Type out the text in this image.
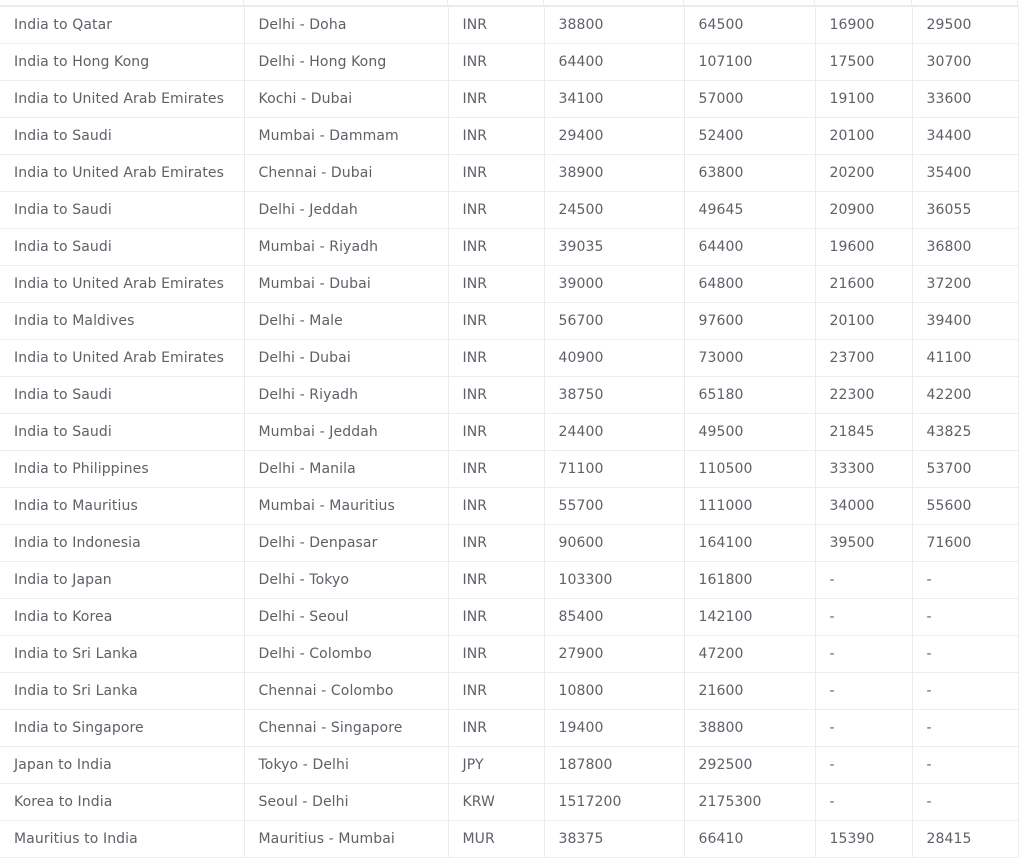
India to Qatar	Delhi - Doha	INR	38800	64500	16900	29500
India to Hong Kong	Delhi - Hong Kong	INR	64400	107100	17500	30700
India to United Arab Emirates	Kochi - Dubai	INR	34100	57000	19100	33600
India to Saudi	Mumbai - Dammam	INR	29400	52400	20100	34400
India to United Arab Emirates	Chennai - Dubai	INR	38900	63800	20200	35400
India to Saudi	Delhi - Jeddah	INR	24500	49645	20900	36055
India to Saudi	Mumbai - Riyadh	INR	39035	64400	19600	36800
India to United Arab Emirates	Mumbai - Dubai	INR	39000	64800	21600	37200
India to Maldives	Delhi - Male	INR	56700	97600	20100	39400
India to United Arab Emirates	Delhi - Dubai	INR	40900	73000	23700	41100
India to Saudi	Delhi - Riyadh	INR	38750	65180	22300	42200
India to Saudi	Mumbai - Jeddah	INR	24400	49500	21845	43825
India to Philippines	Delhi - Manila	INR	71100	110500	33300	53700
India to Mauritius	Mumbai - Mauritius	INR	55700	111000	34000	55600
India to Indonesia	Delhi - Denpasar	INR	90600	164100	39500	71600
India to Japan	Delhi - Tokyo	INR	103300	161800	-	-
India to Korea	Delhi - Seoul	INR	85400	142100	-	-
India to Sri Lanka	Delhi - Colombo	INR	27900	47200	-	-
India to Sri Lanka	Chennai - Colombo	INR	10800	21600	-	-
India to Singapore	Chennai - Singapore	INR	19400	38800	-	-
Japan to India	Tokyo - Delhi	JPY	187800	292500	-	-
Korea to India	Seoul - Delhi	KRW	1517200	2175300	-	-
Mauritius to India	Mauritius - Mumbai	MUR	38375	66410	15390	28415
